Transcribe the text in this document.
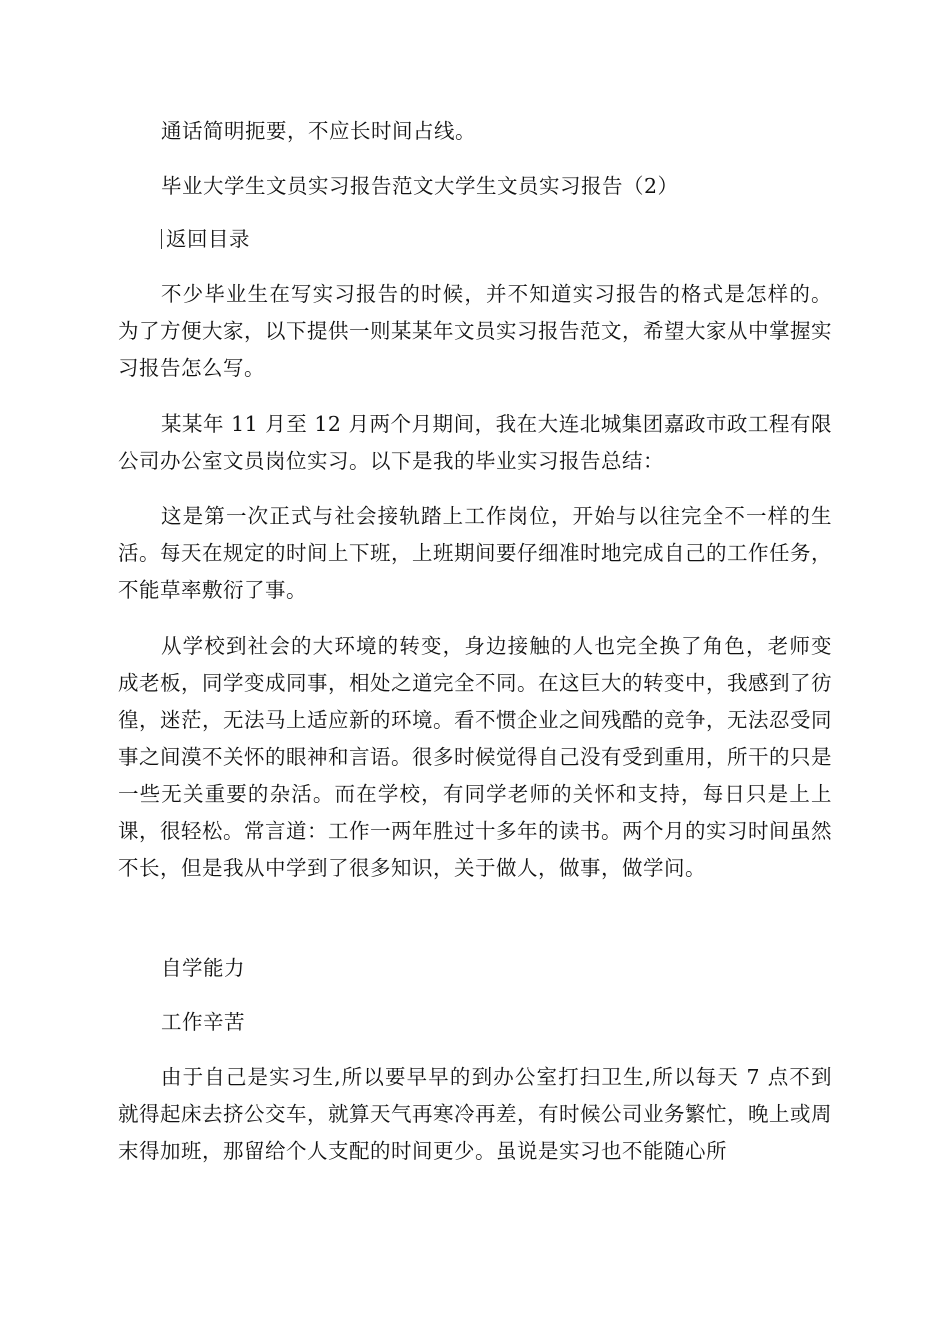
通话简明扼要，不应长时间占线。

毕业大学生文员实习报告范文大学生文员实习报告（2）

返回目录

不少毕业生在写实习报告的时候，并不知道实习报告的格式是怎样的。为了方便大家，以下提供一则某某年文员实习报告范文，希望大家从中掌握实习报告怎么写。

某某年 11 月至 12 月两个月期间，我在大连北城集团嘉政市政工程有限公司办公室文员岗位实习。以下是我的毕业实习报告总结：

这是第一次正式与社会接轨踏上工作岗位，开始与以往完全不一样的生活。每天在规定的时间上下班，上班期间要仔细准时地完成自己的工作任务，不能草率敷衍了事。

从学校到社会的大环境的转变，身边接触的人也完全换了角色，老师变成老板，同学变成同事，相处之道完全不同。在这巨大的转变中，我感到了彷徨，迷茫，无法马上适应新的环境。看不惯企业之间残酷的竞争，无法忍受同事之间漠不关怀的眼神和言语。很多时候觉得自己没有受到重用，所干的只是一些无关重要的杂活。而在学校，有同学老师的关怀和支持，每日只是上上课，很轻松。常言道：工作一两年胜过十多年的读书。两个月的实习时间虽然不长，但是我从中学到了很多知识，关于做人，做事，做学问。

自学能力

工作辛苦

由于自己是实习生,所以要早早的到办公室打扫卫生,所以每天 7 点不到就得起床去挤公交车，就算天气再寒冷再差，有时候公司业务繁忙，晚上或周末得加班，那留给个人支配的时间更少。虽说是实习也不能随心所
